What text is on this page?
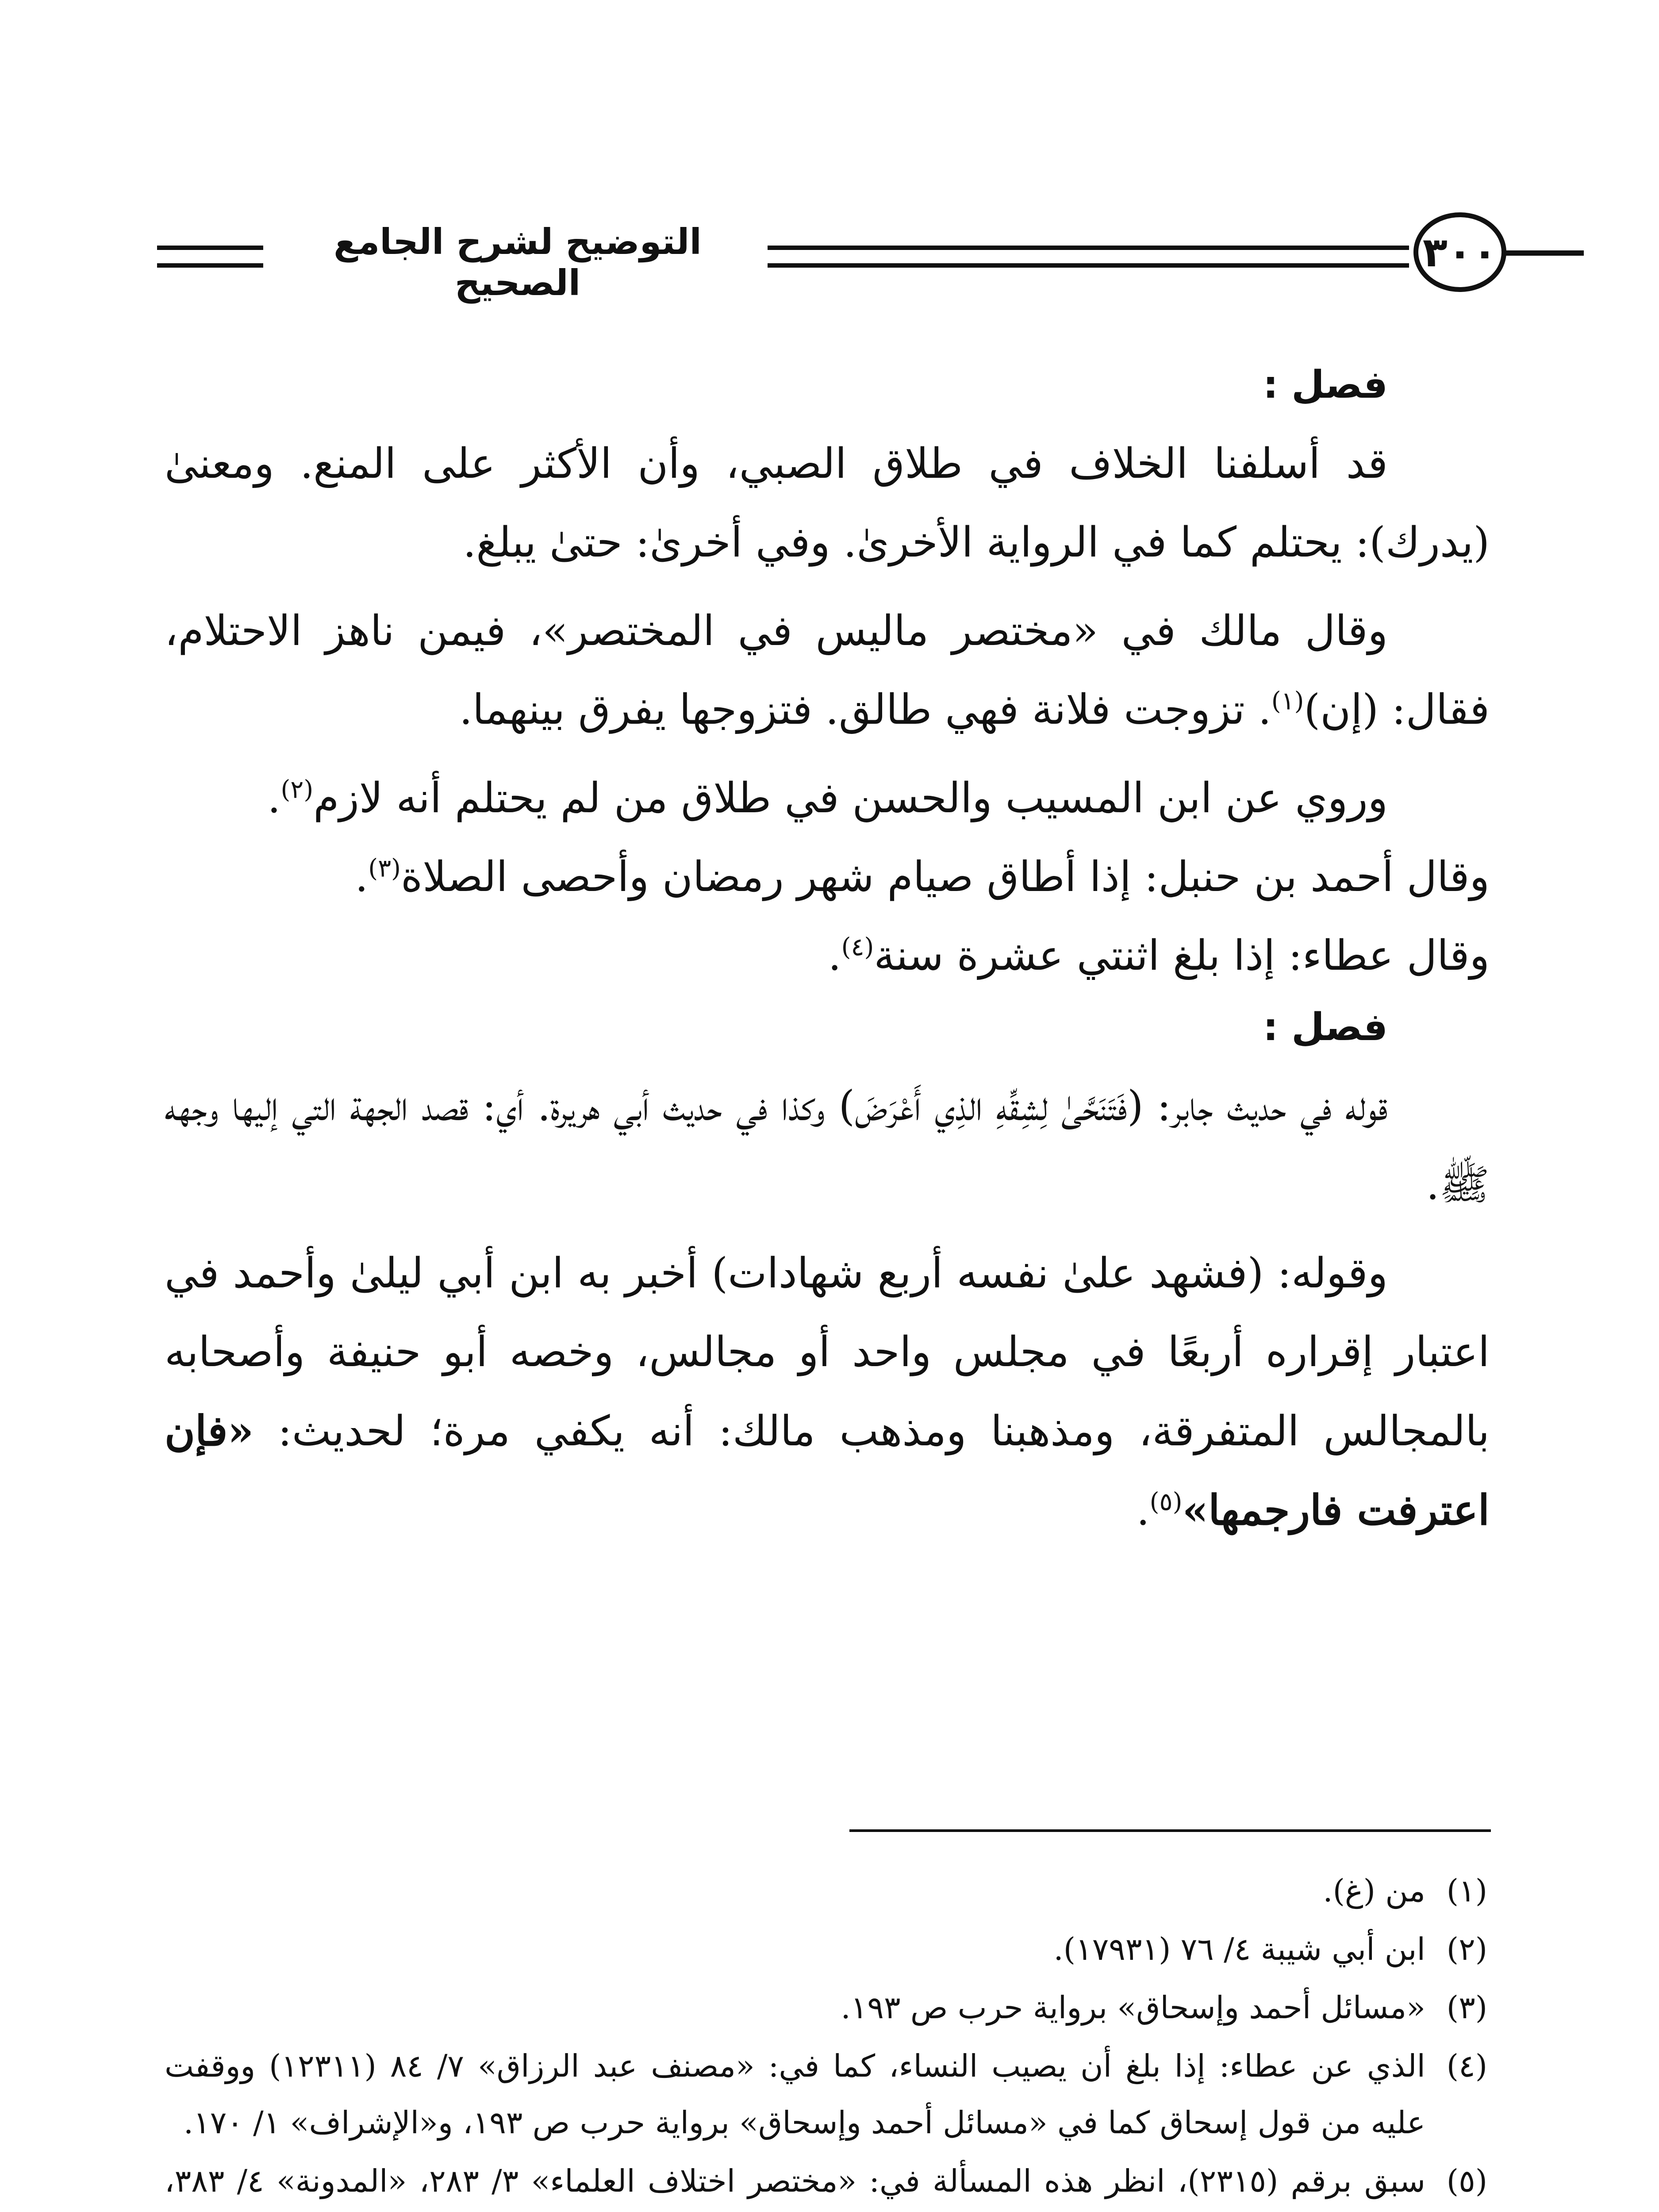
التوضيح لشرح الجامع الصحيح
٣٠٠
فصل :

قد أسلفنا الخلاف في طلاق الصبي، وأن الأكثر على المنع. ومعنىٰ (يدرك): يحتلم كما في الرواية الأخرىٰ. وفي أخرىٰ: حتىٰ يبلغ.

وقال مالك في «مختصر ماليس في المختصر»، فيمن ناهز الاحتلام، فقال: (إن)$^{(١)}$. تزوجت فلانة فهي طالق. فتزوجها يفرق بينهما.

وروي عن ابن المسيب والحسن في طلاق من لم يحتلم أنه لازم$^{(٢)}$.

وقال أحمد بن حنبل: إذا أطاق صيام شهر رمضان وأحصى الصلاة$^{(٣)}$.

وقال عطاء: إذا بلغ اثنتي عشرة سنة$^{(٤)}$.

فصل :

قوله في حديث جابر: (فَتَنَحَّىٰ لِشِقِّهِ الذِي أَعْرَضَ) وكذا في حديث أبي هريرة. أي: قصد الجهة التي إليها وجهه ﷺ.

وقوله: (فشهد علىٰ نفسه أربع شهادات) أخبر به ابن أبي ليلىٰ وأحمد في اعتبار إقراره أربعًا في مجلس واحد أو مجالس، وخصه أبو حنيفة وأصحابه بالمجالس المتفرقة، ومذهبنا ومذهب مالك: أنه يكفي مرة؛ لحديث: «فإن اعترفت فارجمها»$^{(٥)}$.

(١)
من (غ).
(٢)
ابن أبي شيبة ٤/ ٧٦ (١٧٩٣١).
(٣)
«مسائل أحمد وإسحاق» برواية حرب ص ١٩٣.
(٤)
الذي عن عطاء: إذا بلغ أن يصيب النساء، كما في: «مصنف عبد الرزاق» ٧/ ٨٤ (١٢٣١١) ووقفت عليه من قول إسحاق كما في «مسائل أحمد وإسحاق» برواية حرب ص ١٩٣، و«الإشراف» ١/ ١٧٠.
(٥)
سبق برقم (٢٣١٥)، انظر هذه المسألة في: «مختصر اختلاف العلماء» ٣/ ٢٨٣، «المدونة» ٤/ ٣٨٣،
